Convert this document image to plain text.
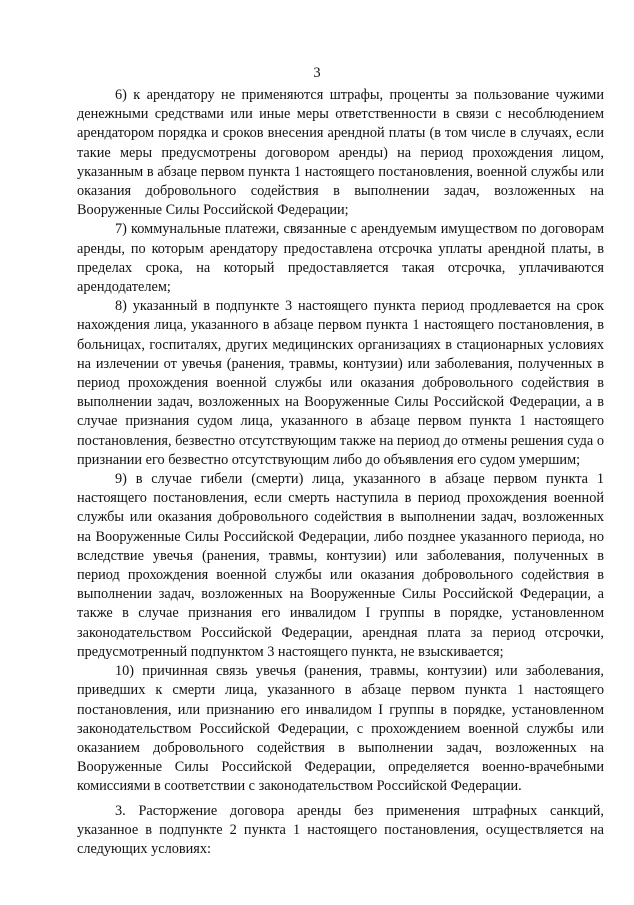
3

6) к арендатору не применяются штрафы, проценты за пользование чужими денежными средствами или иные меры ответственности в связи с несоблюдением арендатором порядка и сроков внесения арендной платы (в том числе в случаях, если такие меры предусмотрены договором аренды) на период прохождения лицом, указанным в абзаце первом пункта 1 настоящего постановления, военной службы или оказания добровольного содействия в выполнении задач, возложенных на Вооруженные Силы Российской Федерации;

7) коммунальные платежи, связанные с арендуемым имуществом по договорам аренды, по которым арендатору предоставлена отсрочка уплаты арендной платы, в пределах срока, на который предоставляется такая отсрочка, уплачиваются арендодателем;

8) указанный в подпункте 3 настоящего пункта период продлевается на срок нахождения лица, указанного в абзаце первом пункта 1 настоящего постановления, в больницах, госпиталях, других медицинских организациях в стационарных условиях на излечении от увечья (ранения, травмы, контузии) или заболевания, полученных в период прохождения военной службы или оказания добровольного содействия в выполнении задач, возложенных на Вооруженные Силы Российской Федерации, а в случае признания судом лица, указанного в абзаце первом пункта 1 настоящего постановления, безвестно отсутствующим также на период до отмены решения суда о признании его безвестно отсутствующим либо до объявления его судом умершим;

9) в случае гибели (смерти) лица, указанного в абзаце первом пункта 1 настоящего постановления, если смерть наступила в период прохождения военной службы или оказания добровольного содействия в выполнении задач, возложенных на Вооруженные Силы Российской Федерации, либо позднее указанного периода, но вследствие увечья (ранения, травмы, контузии) или заболевания, полученных в период прохождения военной службы или оказания добровольного содействия в выполнении задач, возложенных на Вооруженные Силы Российской Федерации, а также в случае признания его инвалидом I группы в порядке, установленном законодательством Российской Федерации, арендная плата за период отсрочки, предусмотренный подпунктом 3 настоящего пункта, не взыскивается;

10) причинная связь увечья (ранения, травмы, контузии) или заболевания, приведших к смерти лица, указанного в абзаце первом пункта 1 настоящего постановления, или признанию его инвалидом I группы в порядке, установленном законодательством Российской Федерации, с прохождением военной службы или оказанием добровольного содействия в выполнении задач, возложенных на Вооруженные Силы Российской Федерации, определяется военно-врачебными комиссиями в соответствии с законодательством Российской Федерации.

3. Расторжение договора аренды без применения штрафных санкций, указанное в подпункте 2 пункта 1 настоящего постановления, осуществляется на следующих условиях:
